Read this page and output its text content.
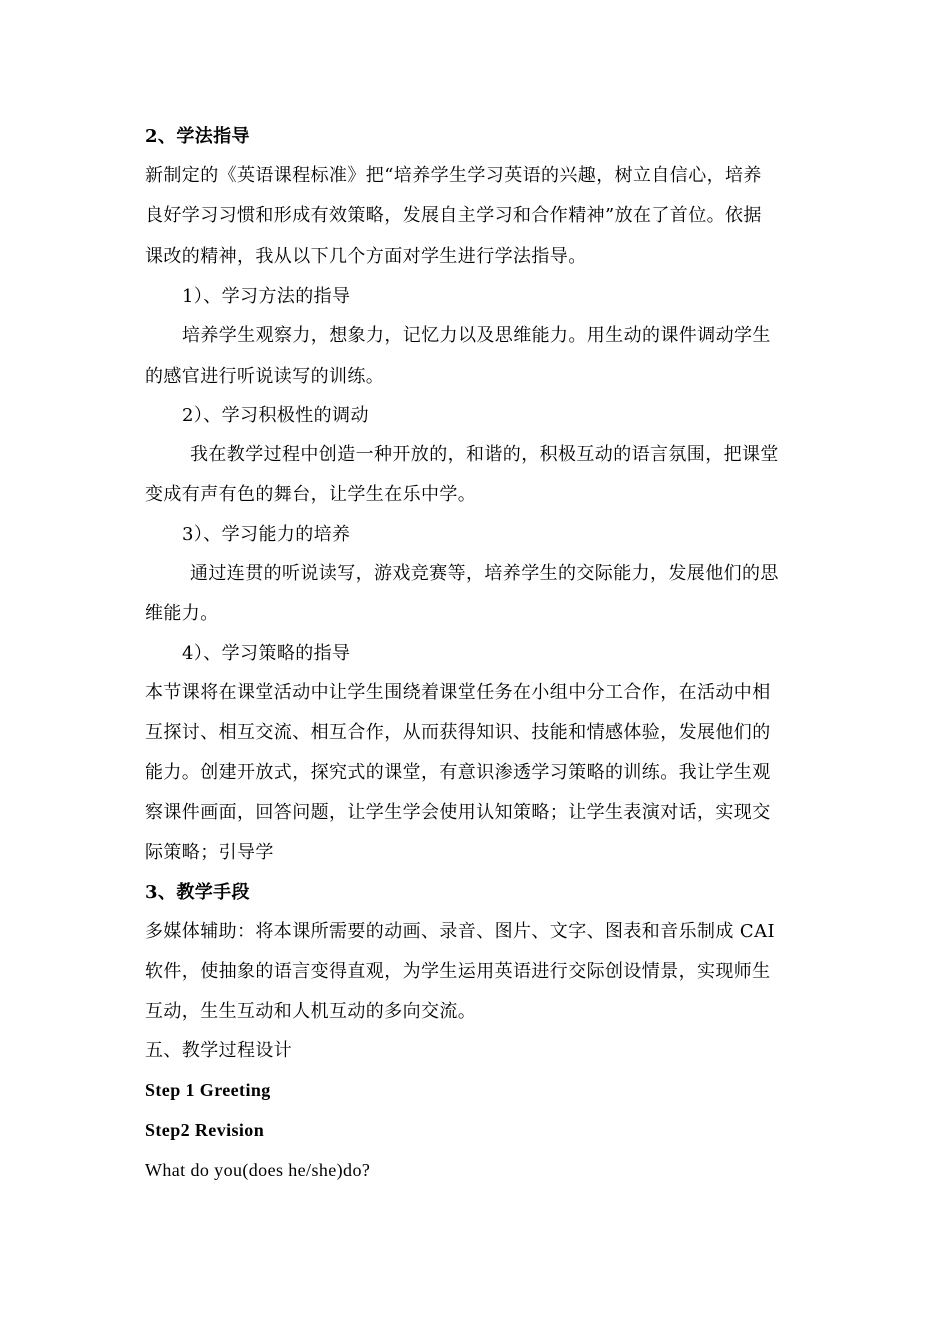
2、学法指导
新制定的《英语课程标准》把“培养学生学习英语的兴趣，树立自信心，培养
良好学习习惯和形成有效策略，发展自主学习和合作精神”放在了首位。依据
课改的精神，我从以下几个方面对学生进行学法指导。
1）、学习方法的指导
培养学生观察力，想象力，记忆力以及思维能力。用生动的课件调动学生
的感官进行听说读写的训练。
2）、学习积极性的调动
我在教学过程中创造一种开放的，和谐的，积极互动的语言氛围，把课堂
变成有声有色的舞台，让学生在乐中学。
3）、学习能力的培养
通过连贯的听说读写，游戏竞赛等，培养学生的交际能力，发展他们的思
维能力。
4）、学习策略的指导
本节课将在课堂活动中让学生围绕着课堂任务在小组中分工合作，在活动中相
互探讨、相互交流、相互合作，从而获得知识、技能和情感体验，发展他们的
能力。创建开放式，探究式的课堂，有意识渗透学习策略的训练。我让学生观
察课件画面，回答问题，让学生学会使用认知策略；让学生表演对话，实现交
际策略；引导学
3、教学手段
多媒体辅助：将本课所需要的动画、录音、图片、文字、图表和音乐制成 CAI
软件，使抽象的语言变得直观，为学生运用英语进行交际创设情景，实现师生
互动，生生互动和人机互动的多向交流。
五、教学过程设计
Step 1 Greeting
Step2 Revision
What do you(does he/she)do?
